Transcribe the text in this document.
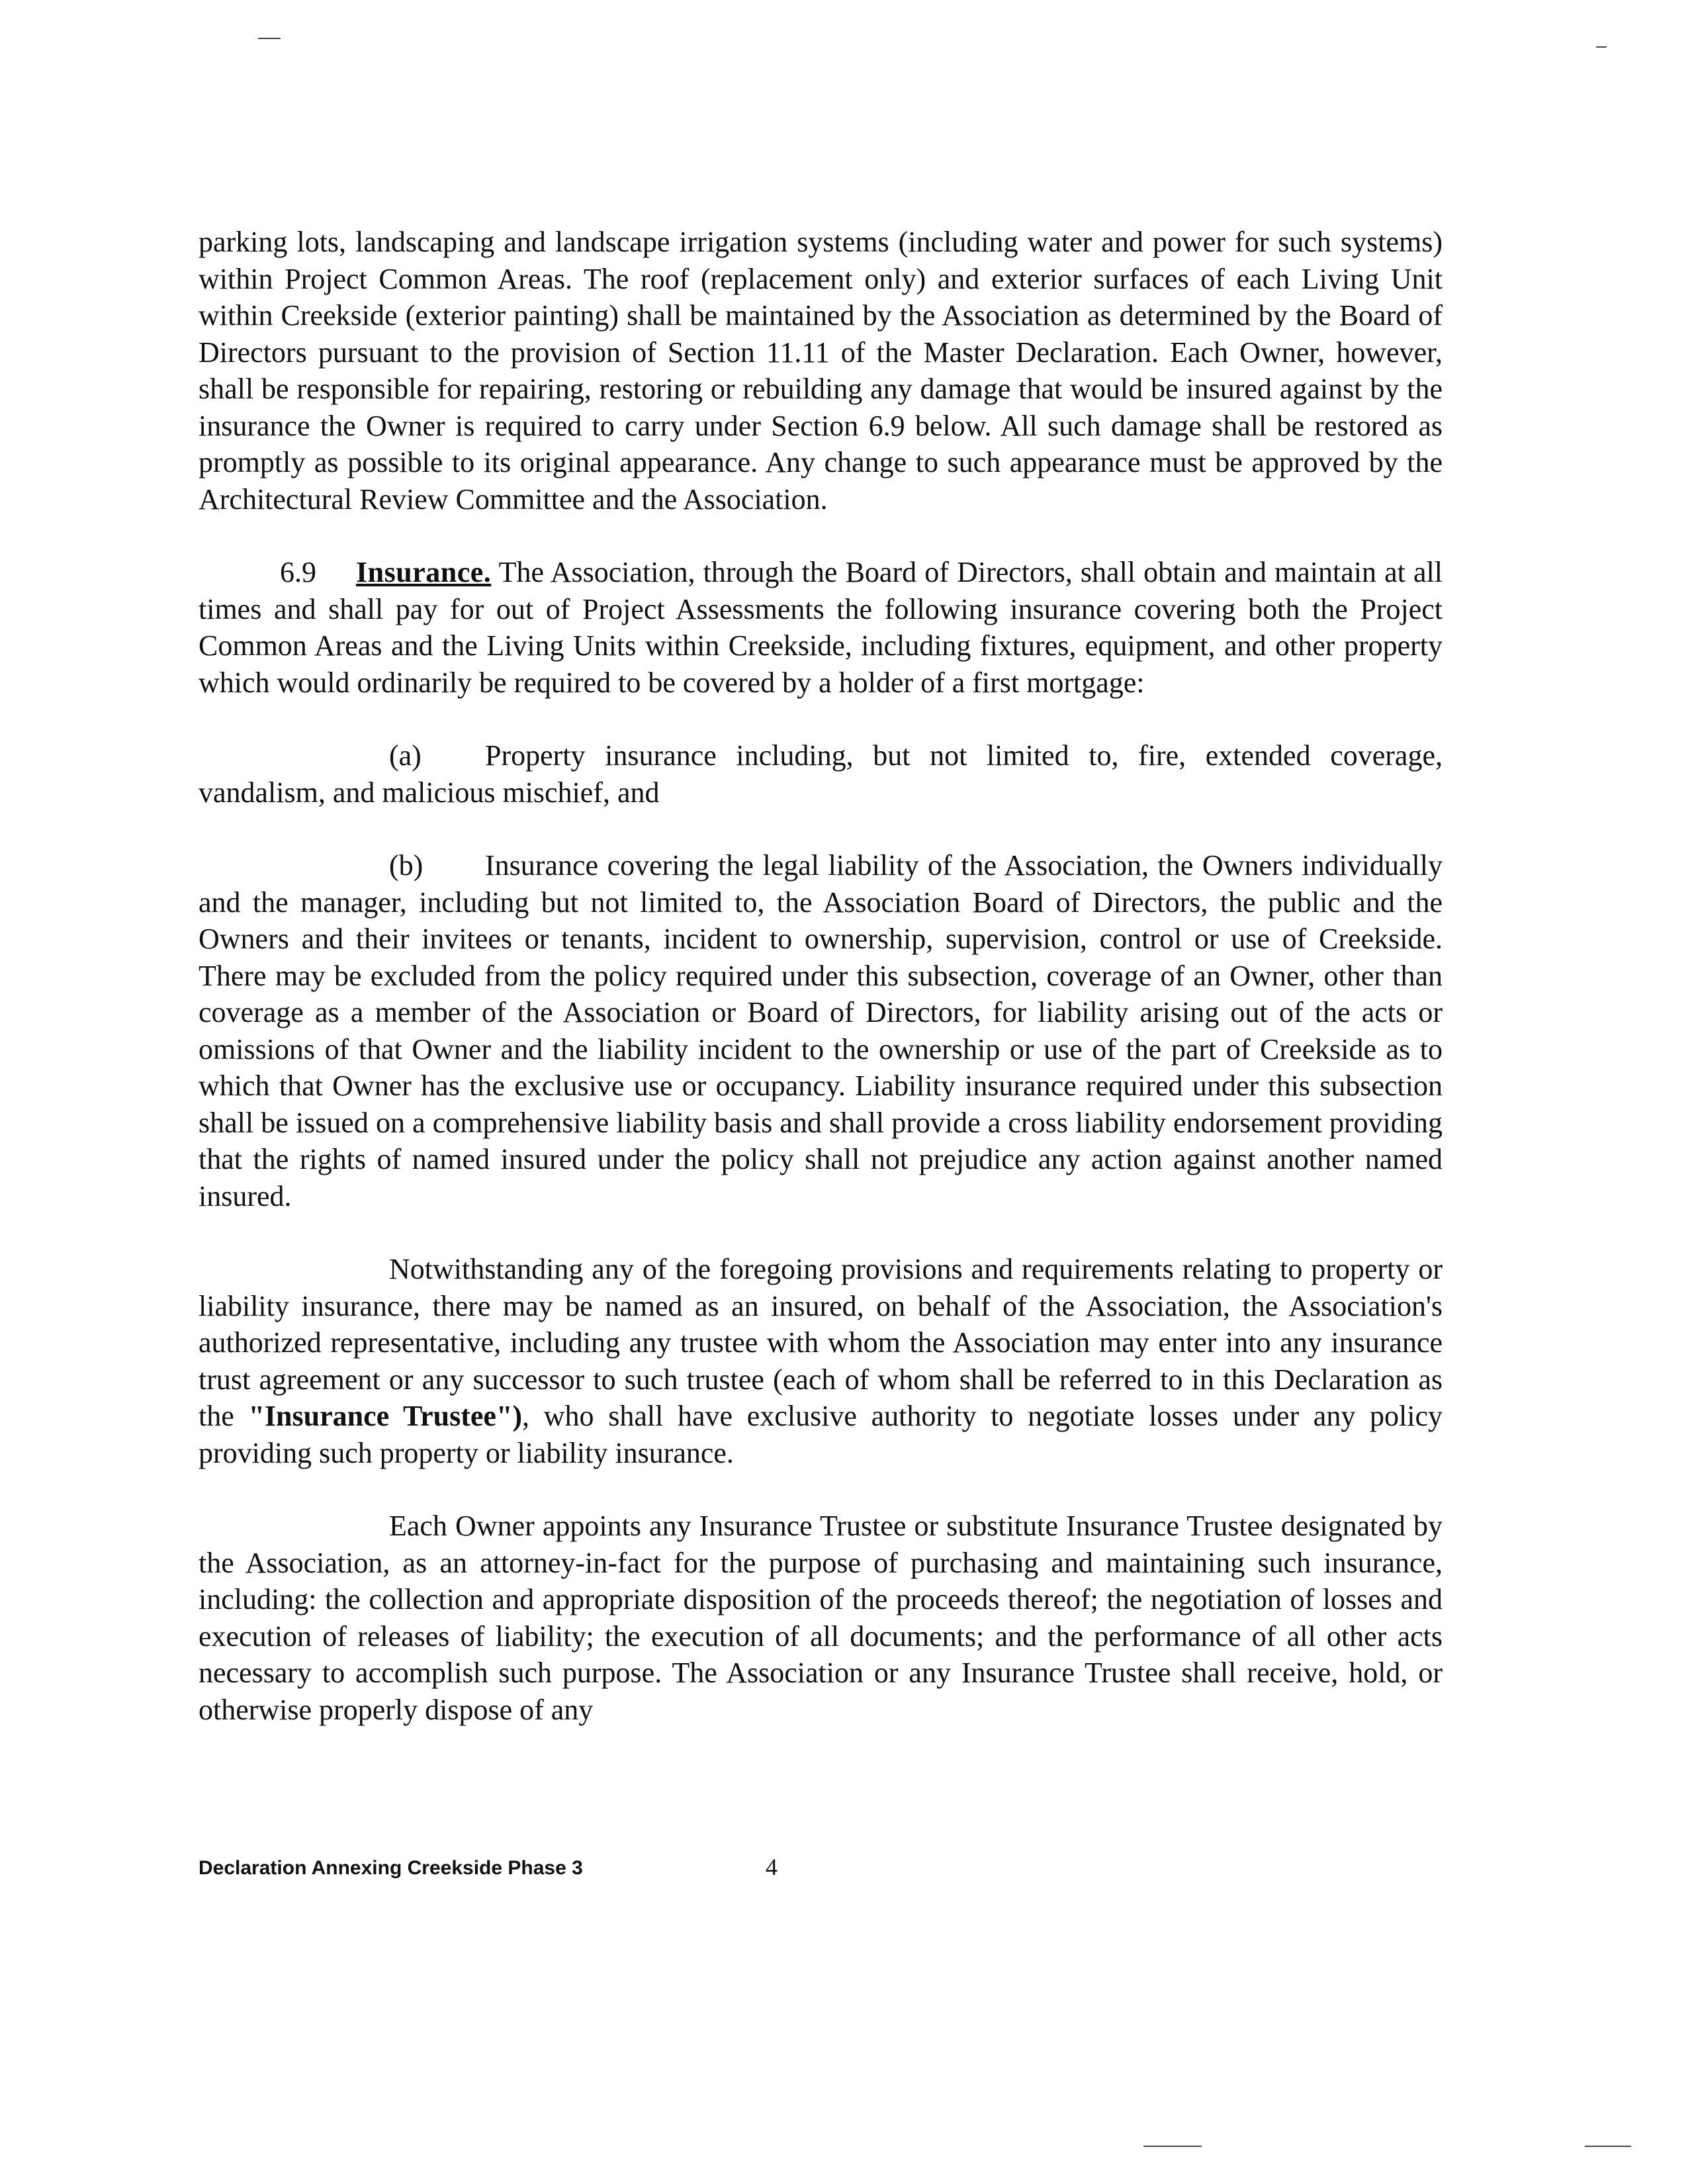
parking lots, landscaping and landscape irrigation systems (including water and power for such systems) within Project Common Areas. The roof (replacement only) and exterior surfaces of each Living Unit within Creekside (exterior painting) shall be maintained by the Association as determined by the Board of Directors pursuant to the provision of Section 11.11 of the Master Declaration. Each Owner, however, shall be responsible for repairing, restoring or rebuilding any damage that would be insured against by the insurance the Owner is required to carry under Section 6.9 below. All such damage shall be restored as promptly as possible to its original appearance. Any change to such appearance must be approved by the Architectural Review Committee and the Association.

6.9 Insurance. The Association, through the Board of Directors, shall obtain and maintain at all times and shall pay for out of Project Assessments the following insurance covering both the Project Common Areas and the Living Units within Creekside, including fixtures, equipment, and other property which would ordinarily be required to be covered by a holder of a first mortgage:

(a) Property insurance including, but not limited to, fire, extended coverage, vandalism, and malicious mischief, and

(b) Insurance covering the legal liability of the Association, the Owners individually and the manager, including but not limited to, the Association Board of Directors, the public and the Owners and their invitees or tenants, incident to ownership, supervision, control or use of Creekside. There may be excluded from the policy required under this subsection, coverage of an Owner, other than coverage as a member of the Association or Board of Directors, for liability arising out of the acts or omissions of that Owner and the liability incident to the ownership or use of the part of Creekside as to which that Owner has the exclusive use or occupancy. Liability insurance required under this subsection shall be issued on a comprehensive liability basis and shall provide a cross liability endorsement providing that the rights of named insured under the policy shall not prejudice any action against another named insured.

Notwithstanding any of the foregoing provisions and requirements relating to property or liability insurance, there may be named as an insured, on behalf of the Association, the Association's authorized representative, including any trustee with whom the Association may enter into any insurance trust agreement or any successor to such trustee (each of whom shall be referred to in this Declaration as the "Insurance Trustee"), who shall have exclusive authority to negotiate losses under any policy providing such property or liability insurance.

Each Owner appoints any Insurance Trustee or substitute Insurance Trustee designated by the Association, as an attorney-in-fact for the purpose of purchasing and maintaining such insurance, including: the collection and appropriate disposition of the proceeds thereof; the negotiation of losses and execution of releases of liability; the execution of all documents; and the performance of all other acts necessary to accomplish such purpose. The Association or any Insurance Trustee shall receive, hold, or otherwise properly dispose of any

Declaration Annexing Creekside Phase 3	4
